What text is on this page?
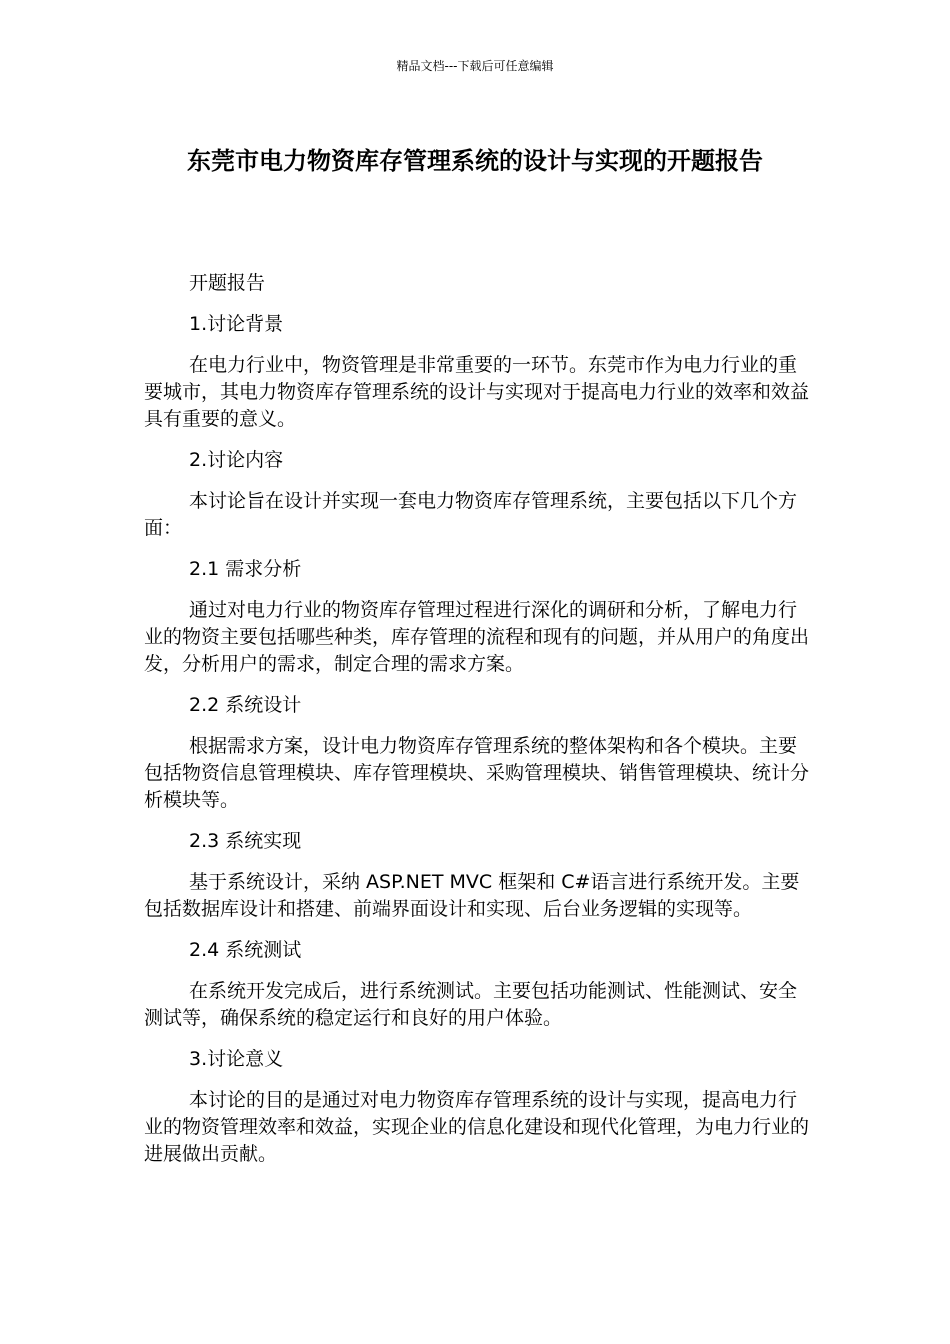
精品文档---下载后可任意编辑
东莞市电力物资库存管理系统的设计与实现的开题报告

开题报告

1.讨论背景

在电力行业中，物资管理是非常重要的一环节。东莞市作为电力行业的重要城市，其电力物资库存管理系统的设计与实现对于提高电力行业的效率和效益具有重要的意义。

2.讨论内容

本讨论旨在设计并实现一套电力物资库存管理系统，主要包括以下几个方面：

2.1 需求分析

通过对电力行业的物资库存管理过程进行深化的调研和分析，了解电力行业的物资主要包括哪些种类，库存管理的流程和现有的问题，并从用户的角度出发，分析用户的需求，制定合理的需求方案。

2.2 系统设计

根据需求方案，设计电力物资库存管理系统的整体架构和各个模块。主要包括物资信息管理模块、库存管理模块、采购管理模块、销售管理模块、统计分析模块等。

2.3 系统实现

基于系统设计，采纳 ASP.NET MVC 框架和 C#语言进行系统开发。主要包括数据库设计和搭建、前端界面设计和实现、后台业务逻辑的实现等。

2.4 系统测试

在系统开发完成后，进行系统测试。主要包括功能测试、性能测试、安全测试等，确保系统的稳定运行和良好的用户体验。

3.讨论意义

本讨论的目的是通过对电力物资库存管理系统的设计与实现，提高电力行业的物资管理效率和效益，实现企业的信息化建设和现代化管理，为电力行业的进展做出贡献。
